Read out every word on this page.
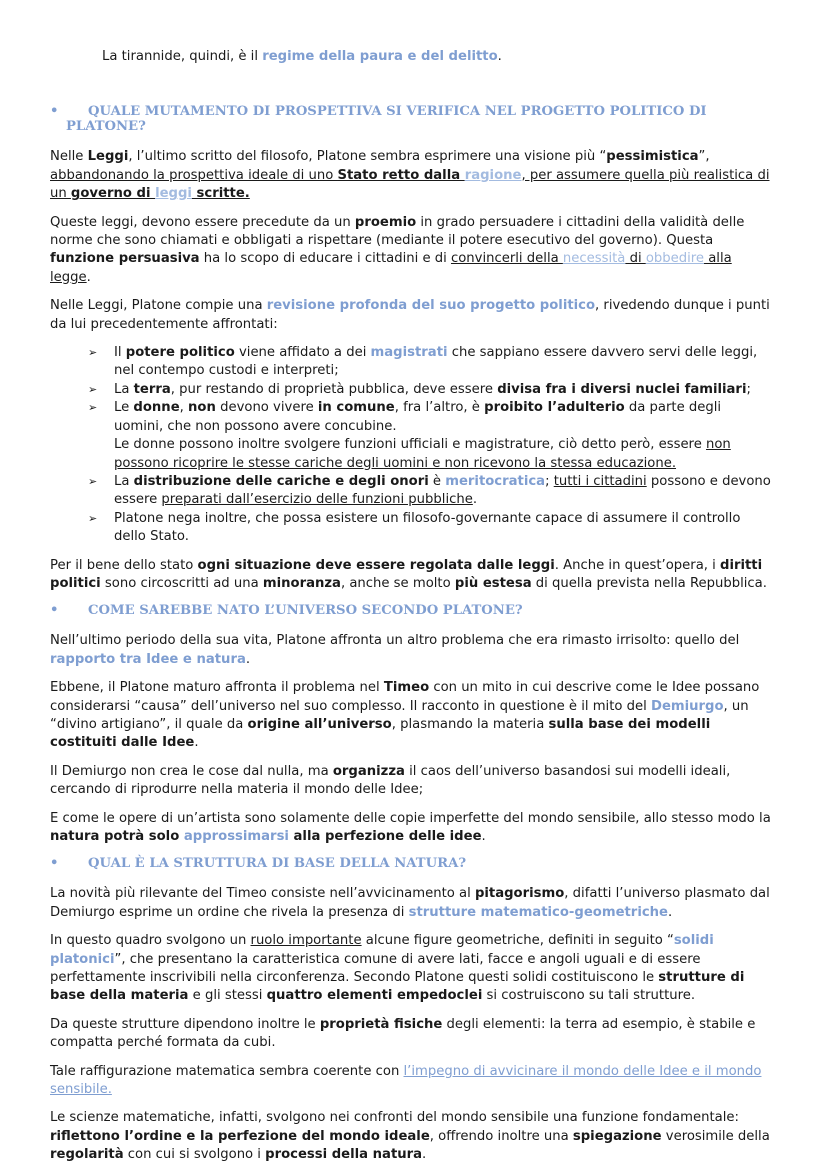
La tirannide, quindi, è il regime della paura e del delitto.

• QUALE MUTAMENTO DI PROSPETTIVA SI VERIFICA NEL PROGETTO POLITICO DI PLATONE?

Nelle Leggi, l’ultimo scritto del filosofo, Platone sembra esprimere una visione più “pessimistica”, abbandonando la prospettiva ideale di uno Stato retto dalla ragione, per assumere quella più realistica di un governo di leggi scritte.

Queste leggi, devono essere precedute da un proemio in grado persuadere i cittadini della validità delle norme che sono chiamati e obbligati a rispettare (mediante il potere esecutivo del governo). Questa funzione persuasiva ha lo scopo di educare i cittadini e di convincerli della necessità di obbedire alla legge.

Nelle Leggi, Platone compie una revisione profonda del suo progetto politico, rivedendo dunque i punti da lui precedentemente affrontati:

➢ Il potere politico viene affidato a dei magistrati che sappiano essere davvero servi delle leggi, nel contempo custodi e interpreti;
➢ La terra, pur restando di proprietà pubblica, deve essere divisa fra i diversi nuclei familiari;
➢ Le donne, non devono vivere in comune, fra l’altro, è proibito l’adulterio da parte degli uomini, che non possono avere concubine.
Le donne possono inoltre svolgere funzioni ufficiali e magistrature, ciò detto però, essere non possono ricoprire le stesse cariche degli uomini e non ricevono la stessa educazione.
➢ La distribuzione delle cariche e degli onori è meritocratica; tutti i cittadini possono e devono essere preparati dall’esercizio delle funzioni pubbliche.
➢ Platone nega inoltre, che possa esistere un filosofo-governante capace di assumere il controllo dello Stato.

Per il bene dello stato ogni situazione deve essere regolata dalle leggi. Anche in quest’opera, i diritti politici sono circoscritti ad una minoranza, anche se molto più estesa di quella prevista nella Repubblica.

• COME SAREBBE NATO L’UNIVERSO SECONDO PLATONE?

Nell’ultimo periodo della sua vita, Platone affronta un altro problema che era rimasto irrisolto: quello del rapporto tra Idee e natura.

Ebbene, il Platone maturo affronta il problema nel Timeo con un mito in cui descrive come le Idee possano considerarsi “causa” dell’universo nel suo complesso. Il racconto in questione è il mito del Demiurgo, un “divino artigiano”, il quale da origine all’universo, plasmando la materia sulla base dei modelli costituiti dalle Idee.

Il Demiurgo non crea le cose dal nulla, ma organizza il caos dell’universo basandosi sui modelli ideali, cercando di riprodurre nella materia il mondo delle Idee;

E come le opere di un’artista sono solamente delle copie imperfette del mondo sensibile, allo stesso modo la natura potrà solo approssimarsi alla perfezione delle idee.

• QUAL È LA STRUTTURA DI BASE DELLA NATURA?

La novità più rilevante del Timeo consiste nell’avvicinamento al pitagorismo, difatti l’universo plasmato dal Demiurgo esprime un ordine che rivela la presenza di strutture matematico-geometriche.

In questo quadro svolgono un ruolo importante alcune figure geometriche, definiti in seguito “solidi platonici”, che presentano la caratteristica comune di avere lati, facce e angoli uguali e di essere perfettamente inscrivibili nella circonferenza. Secondo Platone questi solidi costituiscono le strutture di base della materia e gli stessi quattro elementi empedoclei si costruiscono su tali strutture.

Da queste strutture dipendono inoltre le proprietà fisiche degli elementi: la terra ad esempio, è stabile e compatta perché formata da cubi.

Tale raffigurazione matematica sembra coerente con l’impegno di avvicinare il mondo delle Idee e il mondo sensibile.

Le scienze matematiche, infatti, svolgono nei confronti del mondo sensibile una funzione fondamentale: riflettono l’ordine e la perfezione del mondo ideale, offrendo inoltre una spiegazione verosimile della regolarità con cui si svolgono i processi della natura.
